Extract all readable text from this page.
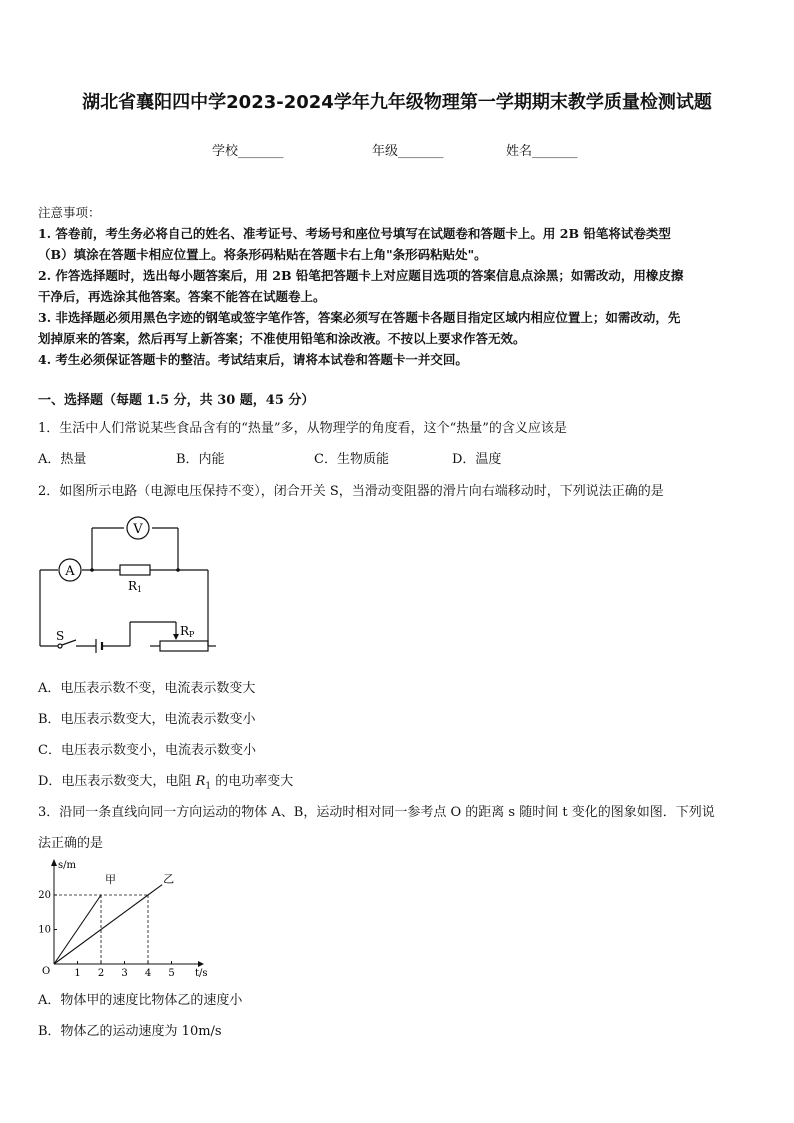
湖北省襄阳四中学2023-2024学年九年级物理第一学期期末教学质量检测试题
学校_______	年级_______	姓名_______
注意事项：
1. 答卷前，考生务必将自己的姓名、准考证号、考场号和座位号填写在试题卷和答题卡上。用 2B 铅笔将试卷类型
（B）填涂在答题卡相应位置上。将条形码粘贴在答题卡右上角"条形码粘贴处"。
2. 作答选择题时，选出每小题答案后，用 2B 铅笔把答题卡上对应题目选项的答案信息点涂黑；如需改动，用橡皮擦
干净后，再选涂其他答案。答案不能答在试题卷上。
3. 非选择题必须用黑色字迹的钢笔或签字笔作答，答案必须写在答题卡各题目指定区域内相应位置上；如需改动，先
划掉原来的答案，然后再写上新答案；不准使用铅笔和涂改液。不按以上要求作答无效。
4. 考生必须保证答题卡的整洁。考试结束后，请将本试卷和答题卡一并交回。
一、选择题（每题 1.5 分，共 30 题，45 分）
1．生活中人们常说某些食品含有的“热量”多，从物理学的角度看，这个“热量”的含义应该是
A．热量	B．内能	C．生物质能	D．温度
2．如图所示电路（电源电压保持不变），闭合开关 S，当滑动变阻器的滑片向右端移动时，下列说法正确的是
A
V
R1
RP
S
A．电压表示数不变，电流表示数变大
B．电压表示数变大，电流表示数变小
C．电压表示数变小，电流表示数变小
D．电压表示数变大，电阻 $R_1$ 的电功率变大
3．沿同一条直线向同一方向运动的物体 A、B，运动时相对同一参考点 O 的距离 s 随时间 t 变化的图象如图．下列说
法正确的是
s/m
t/s
O 1 2 3 4 5
10
20
甲	乙
A．物体甲的速度比物体乙的速度小
B．物体乙的运动速度为 10m/s
